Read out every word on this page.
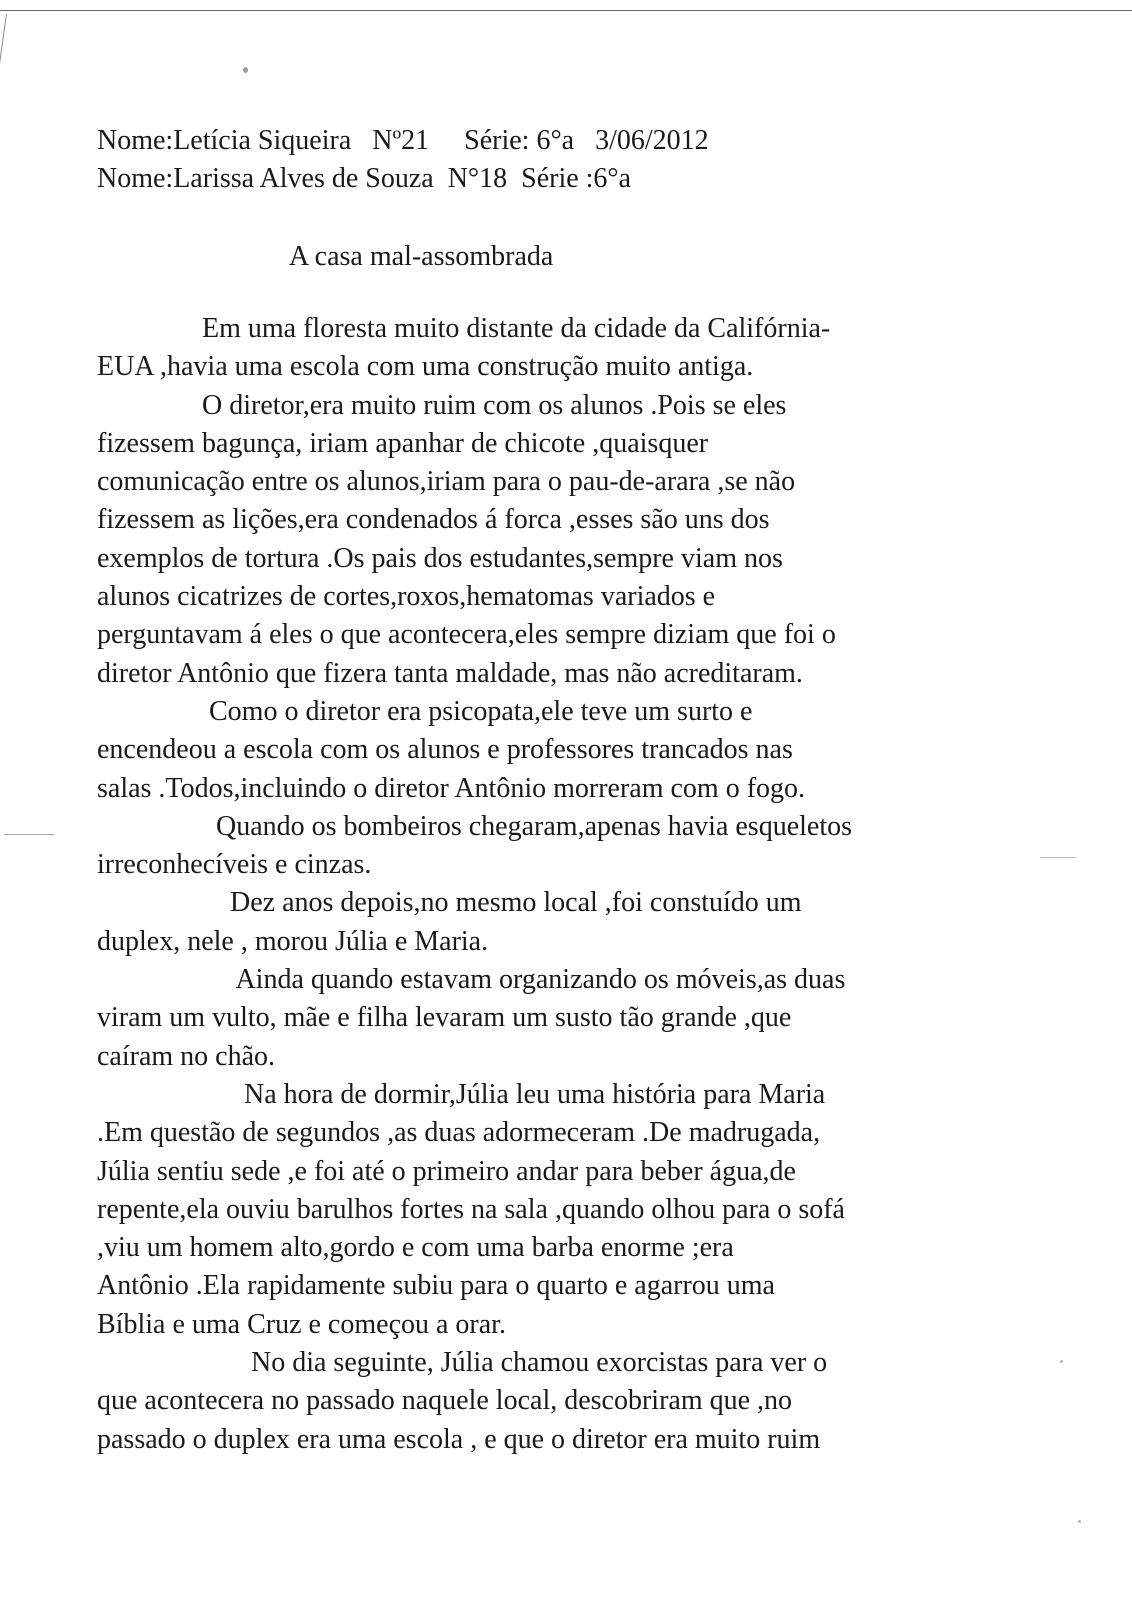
Nome:Letícia Siqueira   Nº21     Série: 6°a   3/06/2012
Nome:Larissa Alves de Souza  N°18  Série :6°a
A casa mal-assombrada
Em uma floresta muito distante da cidade da Califórnia-
EUA ,havia uma escola com uma construção muito antiga.
O diretor,era muito ruim com os alunos .Pois se eles
fizessem bagunça, iriam apanhar de chicote ,quaisquer
comunicação entre os alunos,iriam para o pau-de-arara ,se não
fizessem as lições,era condenados á forca ,esses são uns dos
exemplos de tortura .Os pais dos estudantes,sempre viam nos
alunos cicatrizes de cortes,roxos,hematomas variados e
perguntavam á eles o que acontecera,eles sempre diziam que foi o
diretor Antônio que fizera tanta maldade, mas não acreditaram.
Como o diretor era psicopata,ele teve um surto e
encendeou a escola com os alunos e professores trancados nas
salas .Todos,incluindo o diretor Antônio morreram com o fogo.
Quando os bombeiros chegaram,apenas havia esqueletos
irreconhecíveis e cinzas.
Dez anos depois,no mesmo local ,foi constuído um
duplex, nele , morou Júlia e Maria.
Ainda quando estavam organizando os móveis,as duas
viram um vulto, mãe e filha levaram um susto tão grande ,que
caíram no chão.
Na hora de dormir,Júlia leu uma história para Maria
.Em questão de segundos ,as duas adormeceram .De madrugada,
Júlia sentiu sede ,e foi até o primeiro andar para beber água,de
repente,ela ouviu barulhos fortes na sala ,quando olhou para o sofá
,viu um homem alto,gordo e com uma barba enorme ;era
Antônio .Ela rapidamente subiu para o quarto e agarrou uma
Bíblia e uma Cruz e começou a orar.
No dia seguinte, Júlia chamou exorcistas para ver o
que acontecera no passado naquele local, descobriram que ,no
passado o duplex era uma escola , e que o diretor era muito ruim
